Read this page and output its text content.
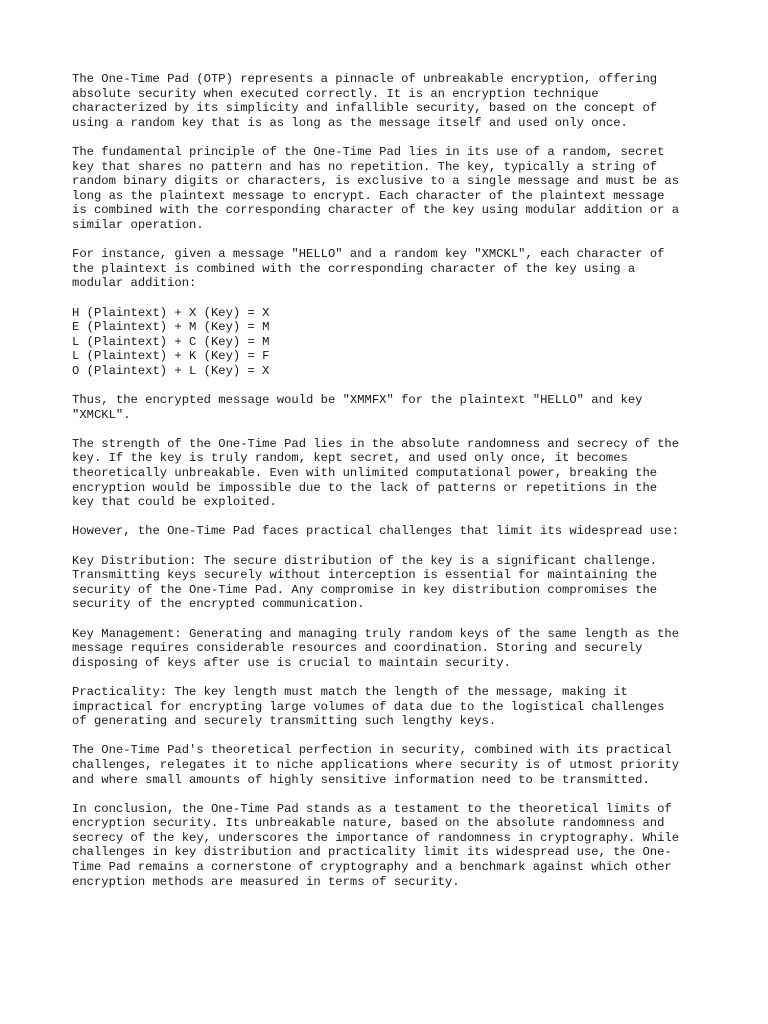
The One-Time Pad (OTP) represents a pinnacle of unbreakable encryption, offering
absolute security when executed correctly. It is an encryption technique
characterized by its simplicity and infallible security, based on the concept of
using a random key that is as long as the message itself and used only once.

The fundamental principle of the One-Time Pad lies in its use of a random, secret
key that shares no pattern and has no repetition. The key, typically a string of
random binary digits or characters, is exclusive to a single message and must be as
long as the plaintext message to encrypt. Each character of the plaintext message
is combined with the corresponding character of the key using modular addition or a
similar operation.

For instance, given a message "HELLO" and a random key "XMCKL", each character of
the plaintext is combined with the corresponding character of the key using a
modular addition:

H (Plaintext) + X (Key) = X
E (Plaintext) + M (Key) = M
L (Plaintext) + C (Key) = M
L (Plaintext) + K (Key) = F
O (Plaintext) + L (Key) = X

Thus, the encrypted message would be "XMMFX" for the plaintext "HELLO" and key
"XMCKL".

The strength of the One-Time Pad lies in the absolute randomness and secrecy of the
key. If the key is truly random, kept secret, and used only once, it becomes
theoretically unbreakable. Even with unlimited computational power, breaking the
encryption would be impossible due to the lack of patterns or repetitions in the
key that could be exploited.

However, the One-Time Pad faces practical challenges that limit its widespread use:

Key Distribution: The secure distribution of the key is a significant challenge.
Transmitting keys securely without interception is essential for maintaining the
security of the One-Time Pad. Any compromise in key distribution compromises the
security of the encrypted communication.

Key Management: Generating and managing truly random keys of the same length as the
message requires considerable resources and coordination. Storing and securely
disposing of keys after use is crucial to maintain security.

Practicality: The key length must match the length of the message, making it
impractical for encrypting large volumes of data due to the logistical challenges
of generating and securely transmitting such lengthy keys.

The One-Time Pad's theoretical perfection in security, combined with its practical
challenges, relegates it to niche applications where security is of utmost priority
and where small amounts of highly sensitive information need to be transmitted.

In conclusion, the One-Time Pad stands as a testament to the theoretical limits of
encryption security. Its unbreakable nature, based on the absolute randomness and
secrecy of the key, underscores the importance of randomness in cryptography. While
challenges in key distribution and practicality limit its widespread use, the One-
Time Pad remains a cornerstone of cryptography and a benchmark against which other
encryption methods are measured in terms of security.
